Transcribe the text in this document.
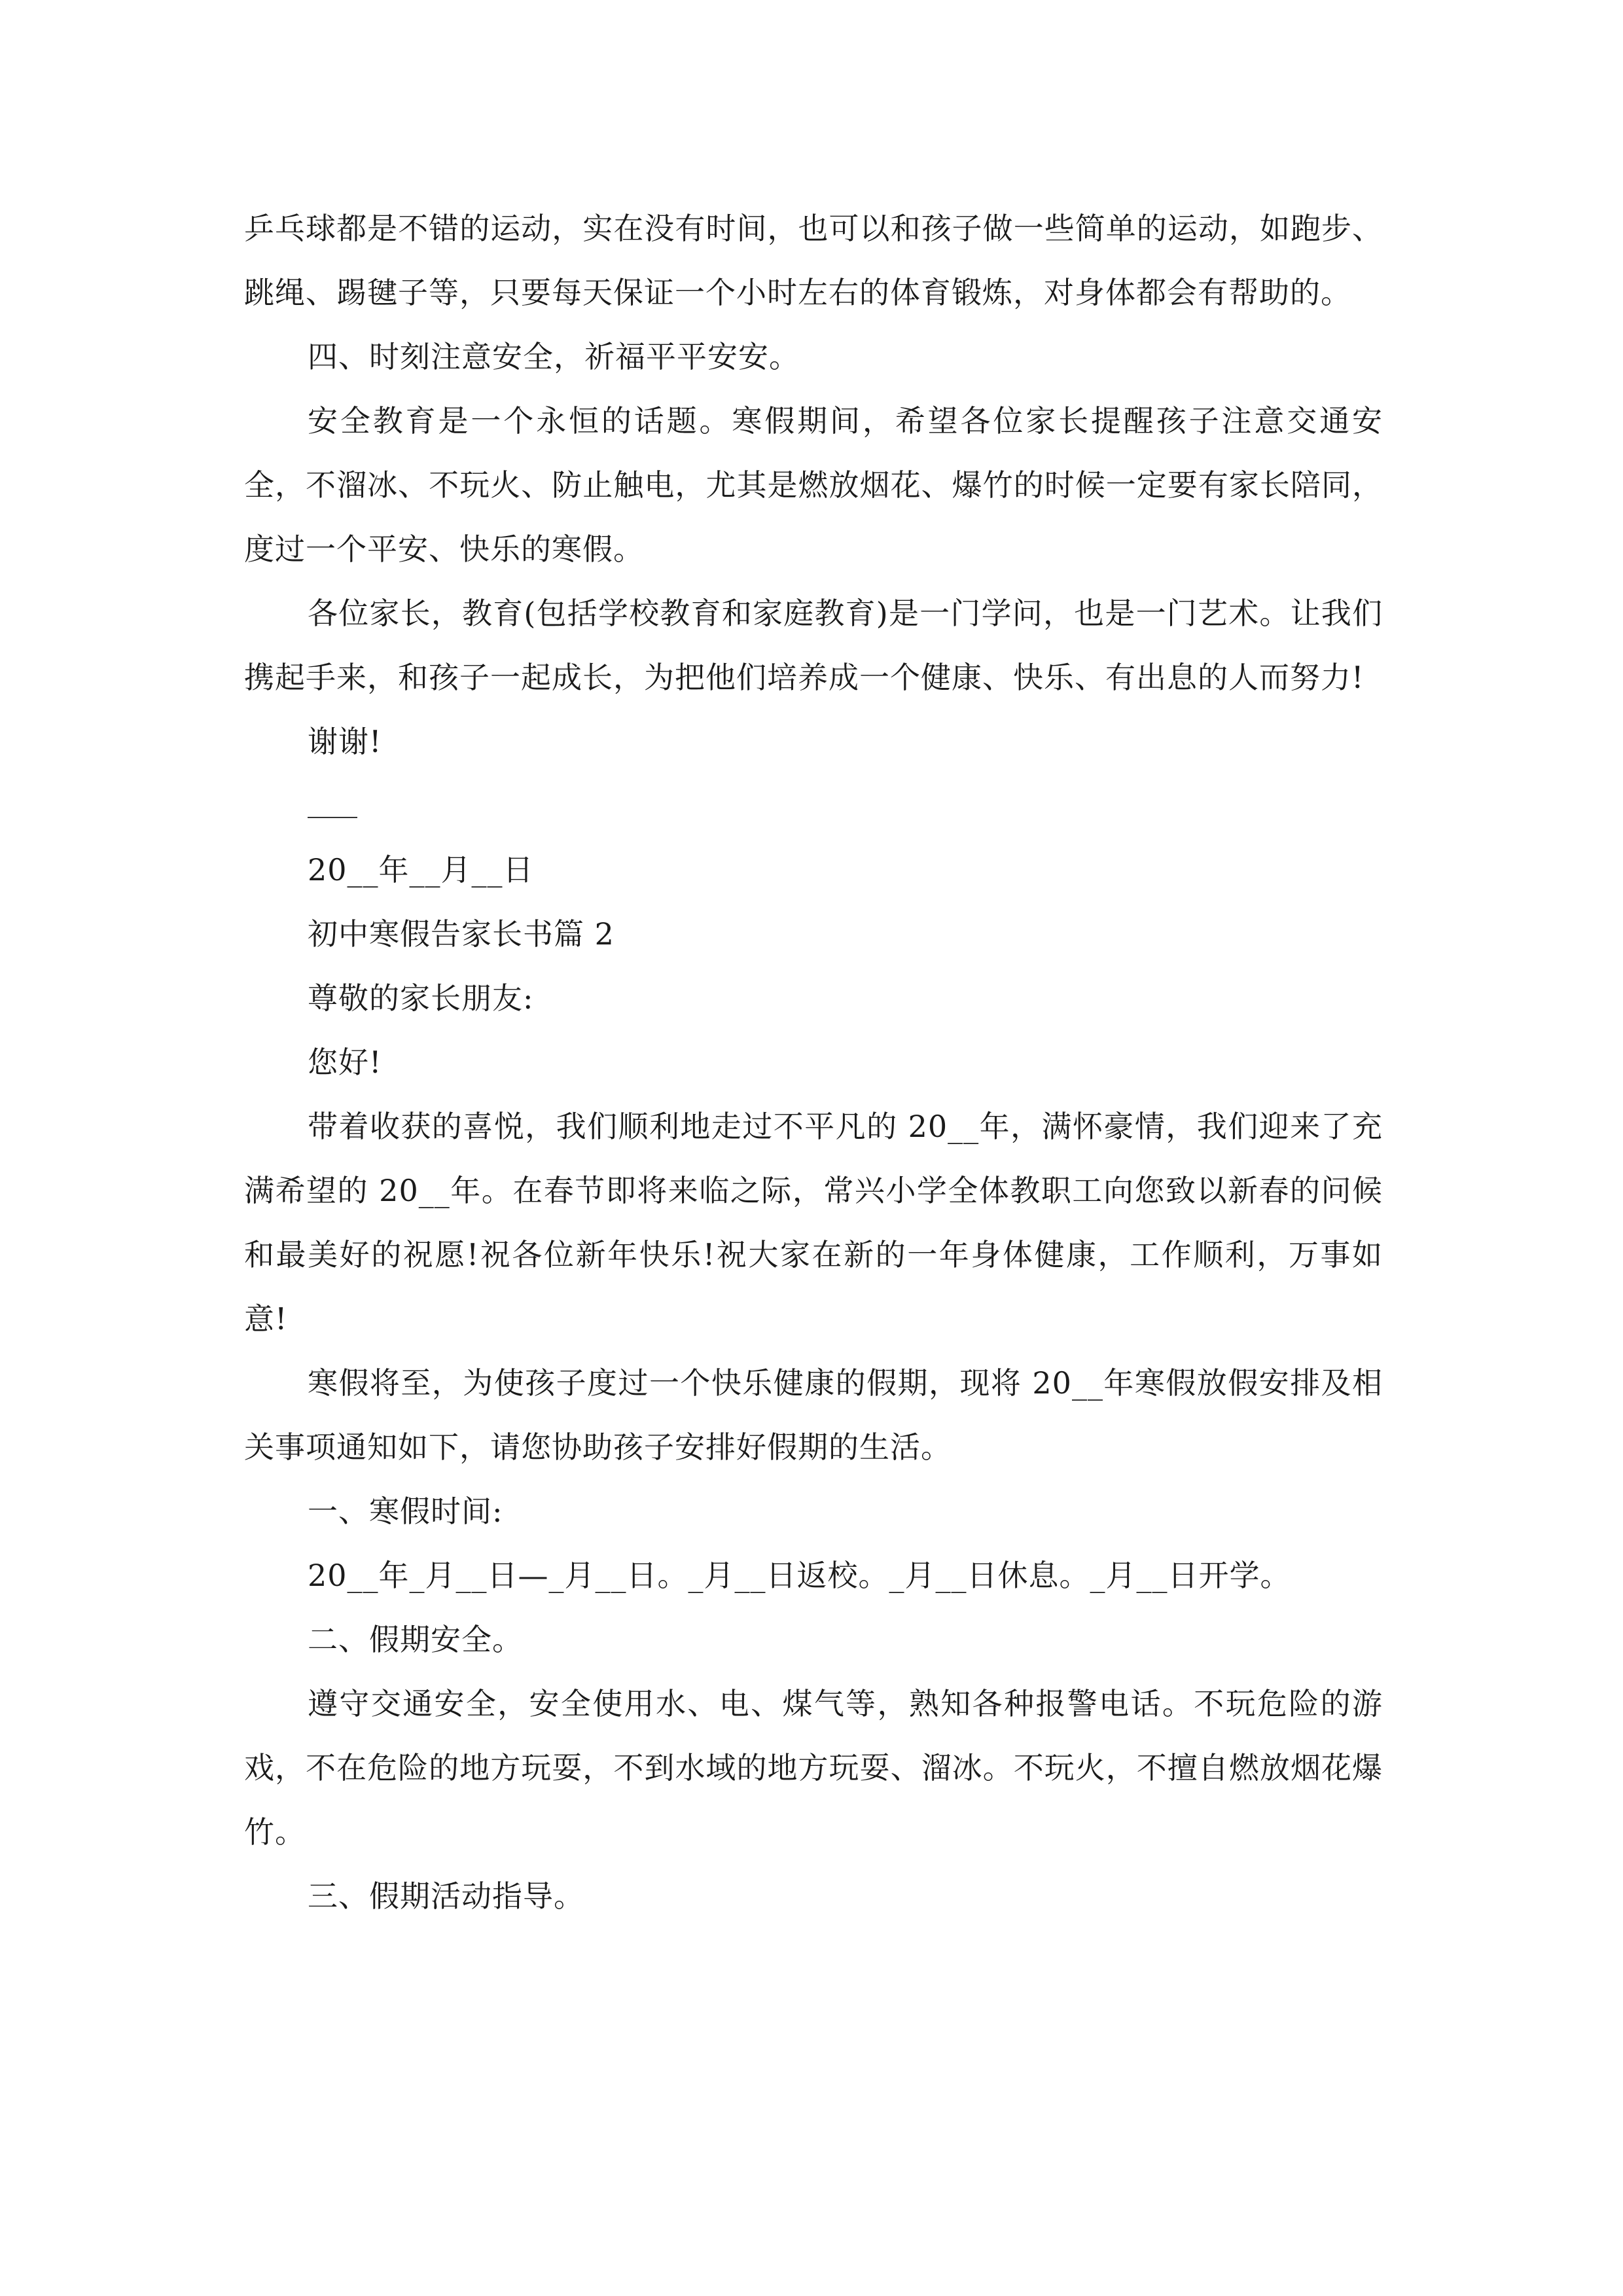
乒乓球都是不错的运动，实在没有时间，也可以和孩子做一些简单的运动，如跑步、跳绳、踢毽子等，只要每天保证一个小时左右的体育锻炼，对身体都会有帮助的。

四、时刻注意安全，祈福平平安安。

安全教育是一个永恒的话题。寒假期间，希望各位家长提醒孩子注意交通安全，不溜冰、不玩火、防止触电，尤其是燃放烟花、爆竹的时候一定要有家长陪同，度过一个平安、快乐的寒假。

各位家长，教育(包括学校教育和家庭教育)是一门学问，也是一门艺术。让我们携起手来，和孩子一起成长，为把他们培养成一个健康、快乐、有出息的人而努力!

谢谢!

20__年__月__日

初中寒假告家长书篇 2

尊敬的家长朋友:

您好!

带着收获的喜悦，我们顺利地走过不平凡的 20__年，满怀豪情，我们迎来了充满希望的 20__年。在春节即将来临之际，常兴小学全体教职工向您致以新春的问候和最美好的祝愿!祝各位新年快乐!祝大家在新的一年身体健康，工作顺利，万事如意!

寒假将至，为使孩子度过一个快乐健康的假期，现将 20__年寒假放假安排及相关事项通知如下，请您协助孩子安排好假期的生活。

一、寒假时间:

20__年_月__日—_月__日。_月__日返校。_月__日休息。_月__日开学。

二、假期安全。

遵守交通安全，安全使用水、电、煤气等，熟知各种报警电话。不玩危险的游戏，不在危险的地方玩耍，不到水域的地方玩耍、溜冰。不玩火，不擅自燃放烟花爆竹。

三、假期活动指导。
